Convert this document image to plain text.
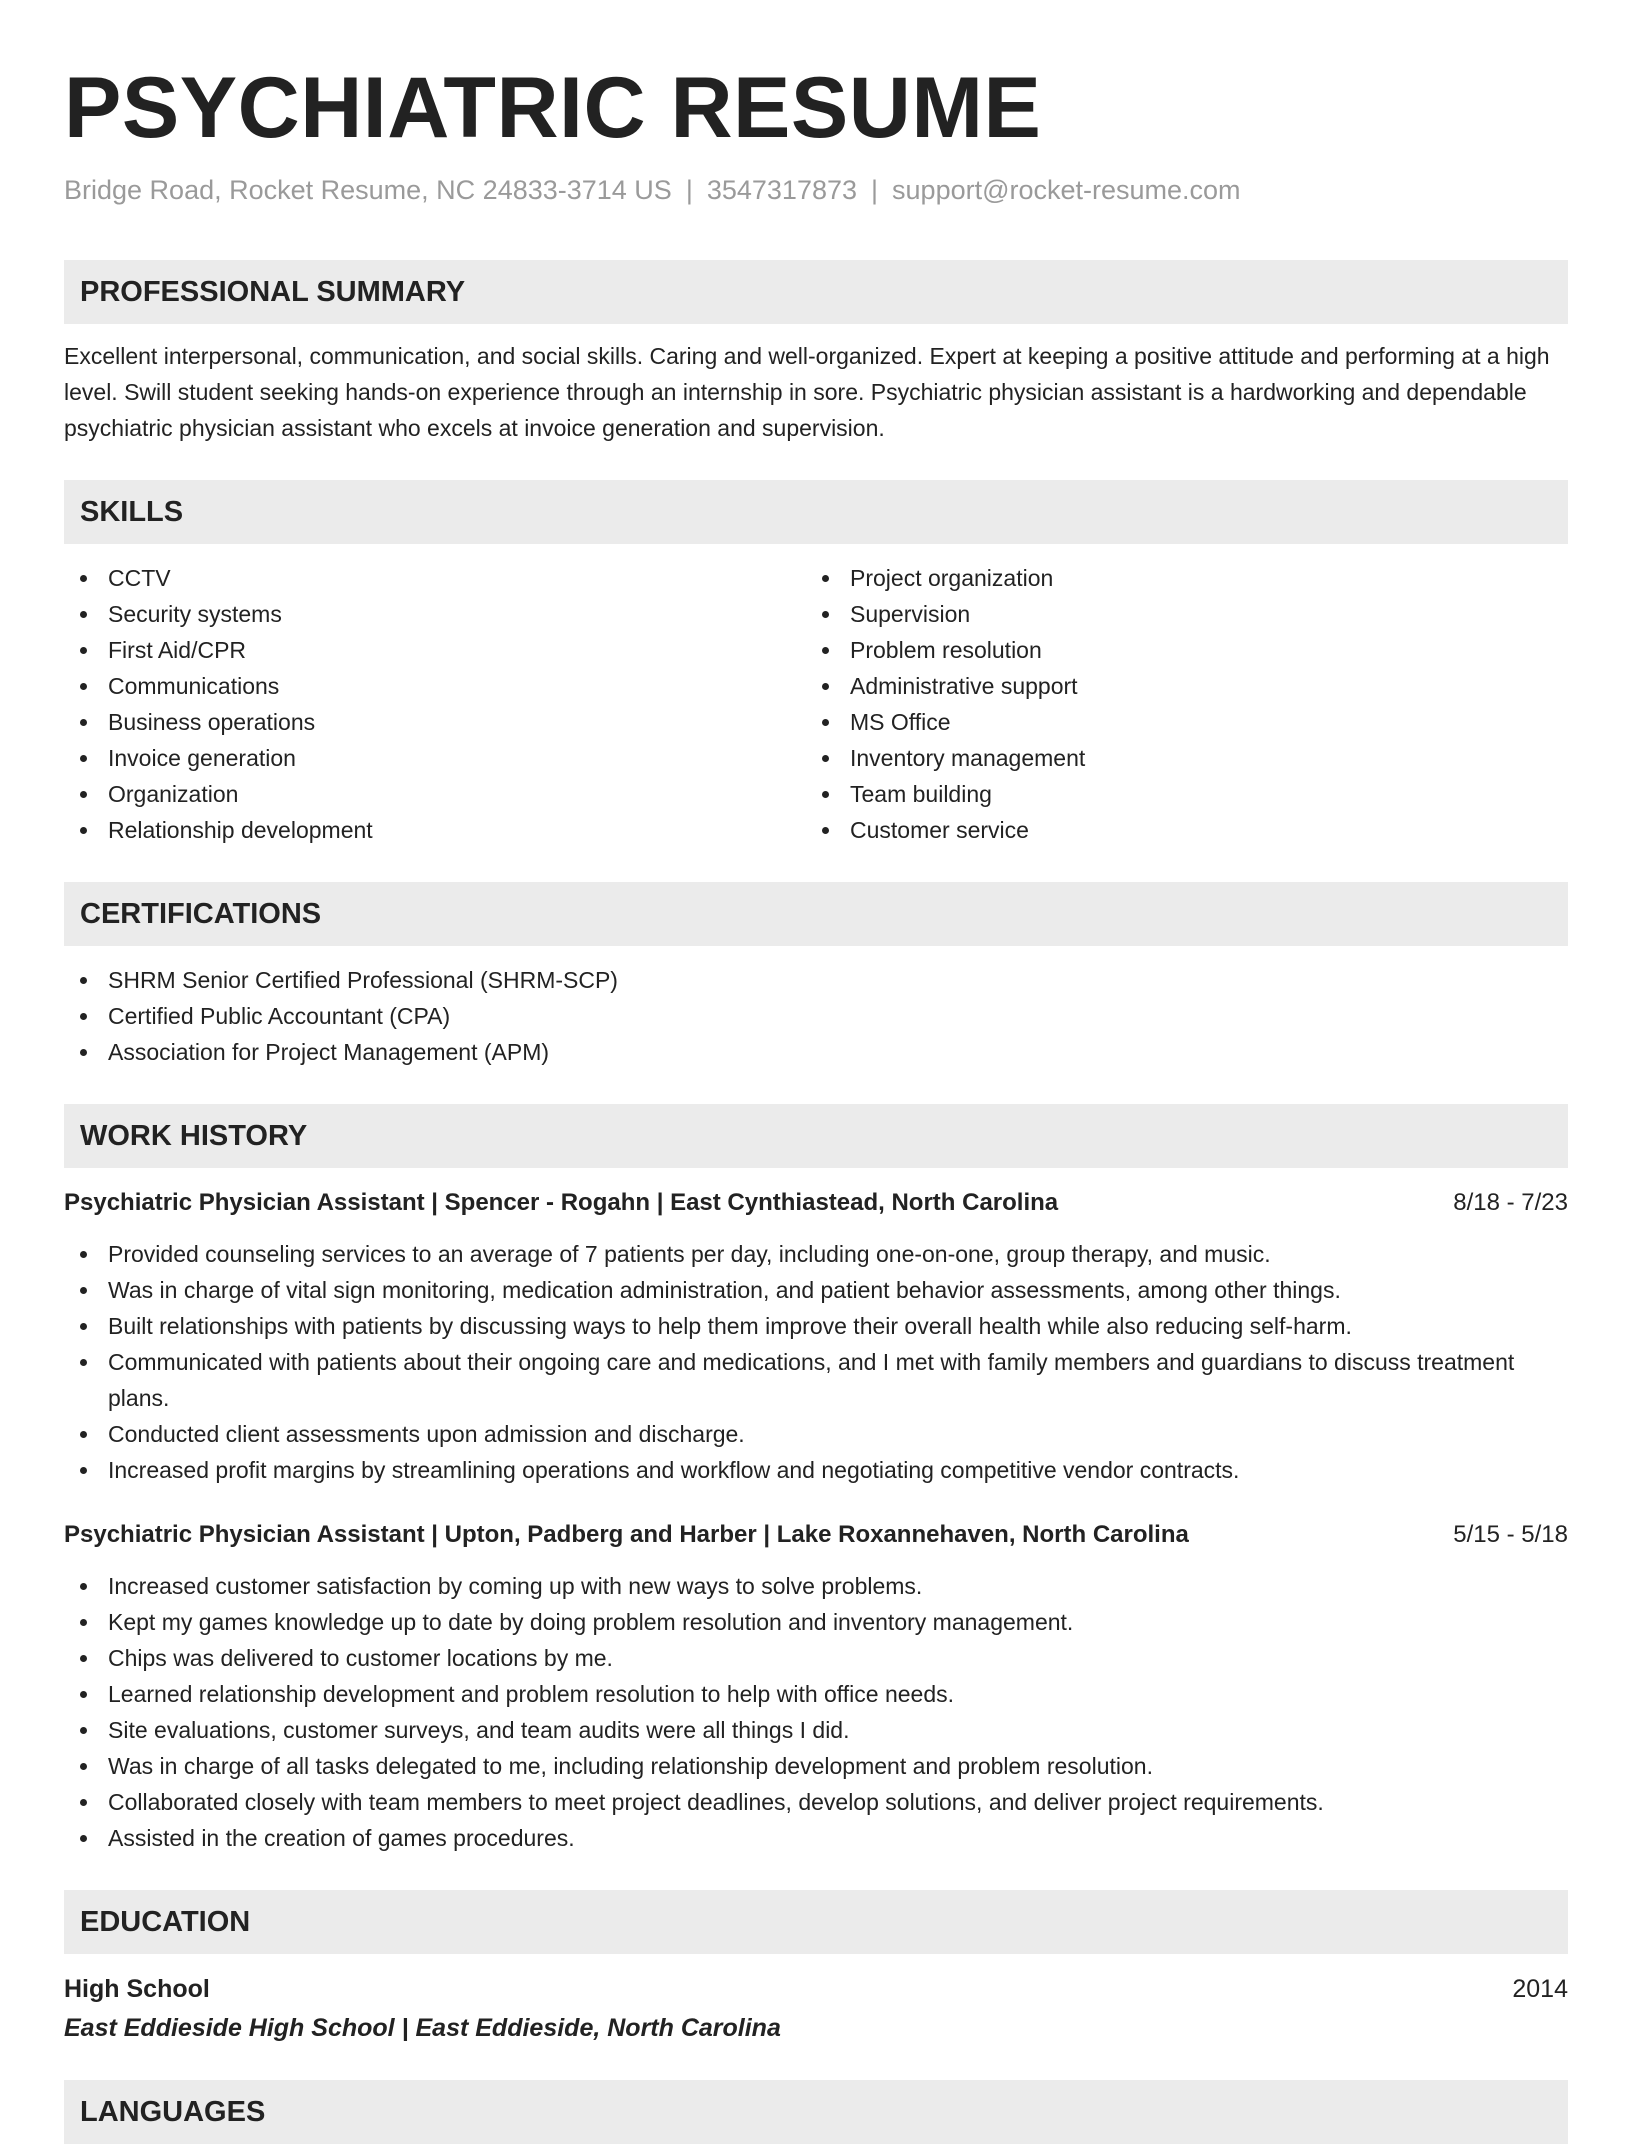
PSYCHIATRIC RESUME
Bridge Road, Rocket Resume, NC 24833-3714 US | 3547317873 | support@rocket-resume.com
PROFESSIONAL SUMMARY

Excellent interpersonal, communication, and social skills. Caring and well-organized. Expert at keeping a positive attitude and performing at a high level. Swill student seeking hands-on experience through an internship in sore. Psychiatric physician assistant is a hardworking and dependable psychiatric physician assistant who excels at invoice generation and supervision.

SKILLS
CCTV
Security systems
First Aid/CPR
Communications
Business operations
Invoice generation
Organization
Relationship development
Project organization
Supervision
Problem resolution
Administrative support
MS Office
Inventory management
Team building
Customer service
CERTIFICATIONS
SHRM Senior Certified Professional (SHRM-SCP)
Certified Public Accountant (CPA)
Association for Project Management (APM)
WORK HISTORY
Psychiatric Physician Assistant | Spencer - Rogahn | East Cynthiastead, North Carolina	8/18 - 7/23
Provided counseling services to an average of 7 patients per day, including one-on-one, group therapy, and music.
Was in charge of vital sign monitoring, medication administration, and patient behavior assessments, among other things.
Built relationships with patients by discussing ways to help them improve their overall health while also reducing self-harm.
Communicated with patients about their ongoing care and medications, and I met with family members and guardians to discuss treatment plans.
Conducted client assessments upon admission and discharge.
Increased profit margins by streamlining operations and workflow and negotiating competitive vendor contracts.
Psychiatric Physician Assistant | Upton, Padberg and Harber | Lake Roxannehaven, North Carolina	5/15 - 5/18
Increased customer satisfaction by coming up with new ways to solve problems.
Kept my games knowledge up to date by doing problem resolution and inventory management.
Chips was delivered to customer locations by me.
Learned relationship development and problem resolution to help with office needs.
Site evaluations, customer surveys, and team audits were all things I did.
Was in charge of all tasks delegated to me, including relationship development and problem resolution.
Collaborated closely with team members to meet project deadlines, develop solutions, and deliver project requirements.
Assisted in the creation of games procedures.
EDUCATION
High School	2014
East Eddieside High School | East Eddieside, North Carolina
LANGUAGES
